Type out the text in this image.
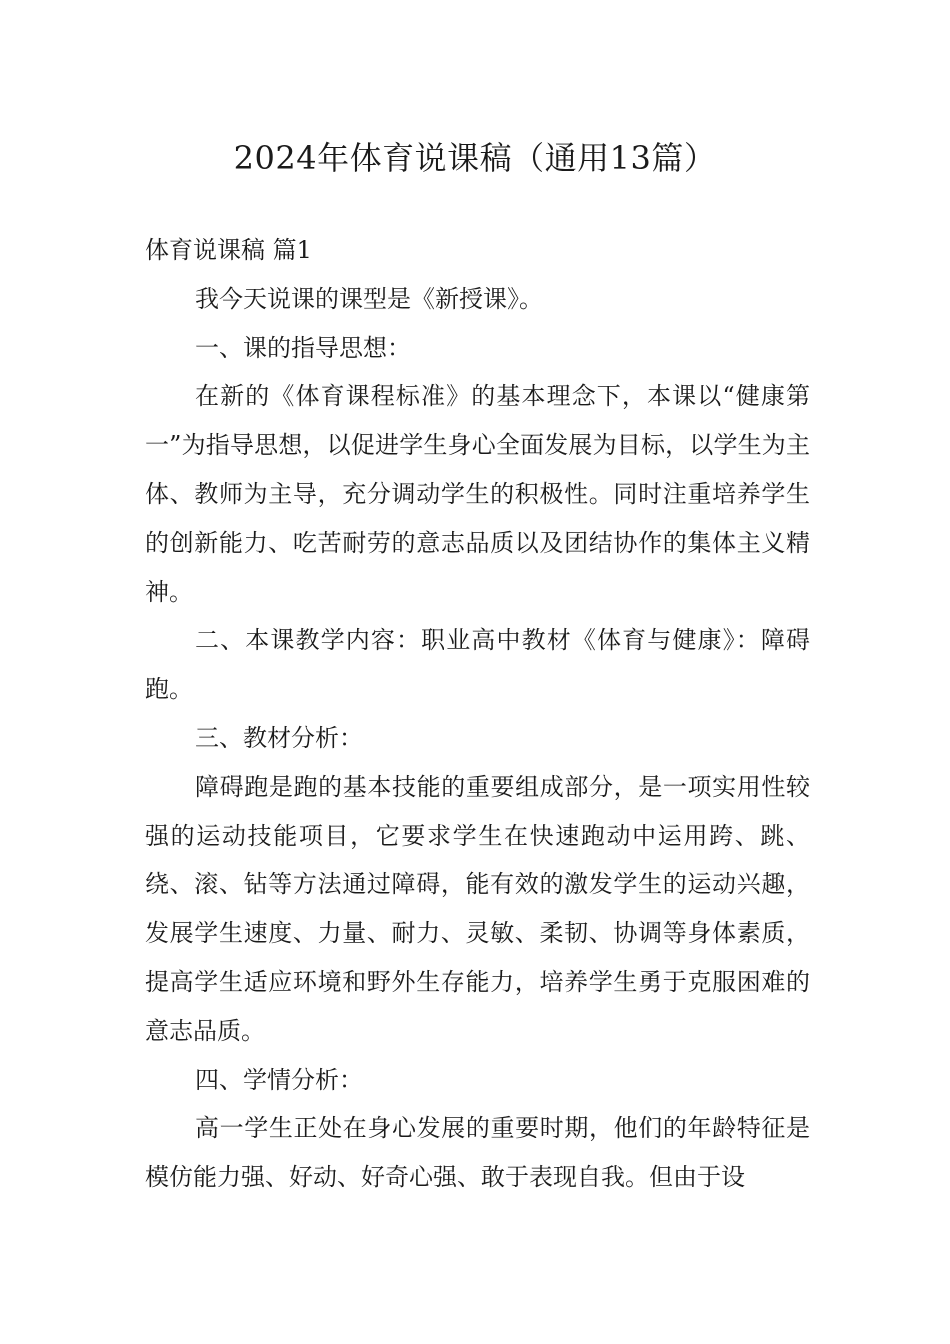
2024年体育说课稿（通用13篇）

体育说课稿 篇1

我今天说课的课型是《新授课》。

一、课的指导思想：

在新的《体育课程标准》的基本理念下，本课以“健康第一”为指导思想，以促进学生身心全面发展为目标，以学生为主体、教师为主导，充分调动学生的积极性。同时注重培养学生的创新能力、吃苦耐劳的意志品质以及团结协作的集体主义精神。

二、本课教学内容：职业高中教材《体育与健康》：障碍跑。

三、教材分析：

障碍跑是跑的基本技能的重要组成部分，是一项实用性较强的运动技能项目，它要求学生在快速跑动中运用跨、跳、绕、滚、钻等方法通过障碍，能有效的激发学生的运动兴趣，发展学生速度、力量、耐力、灵敏、柔韧、协调等身体素质，提高学生适应环境和野外生存能力，培养学生勇于克服困难的意志品质。

四、学情分析：

高一学生正处在身心发展的重要时期，他们的年龄特征是模仿能力强、好动、好奇心强、敢于表现自我。但由于设
